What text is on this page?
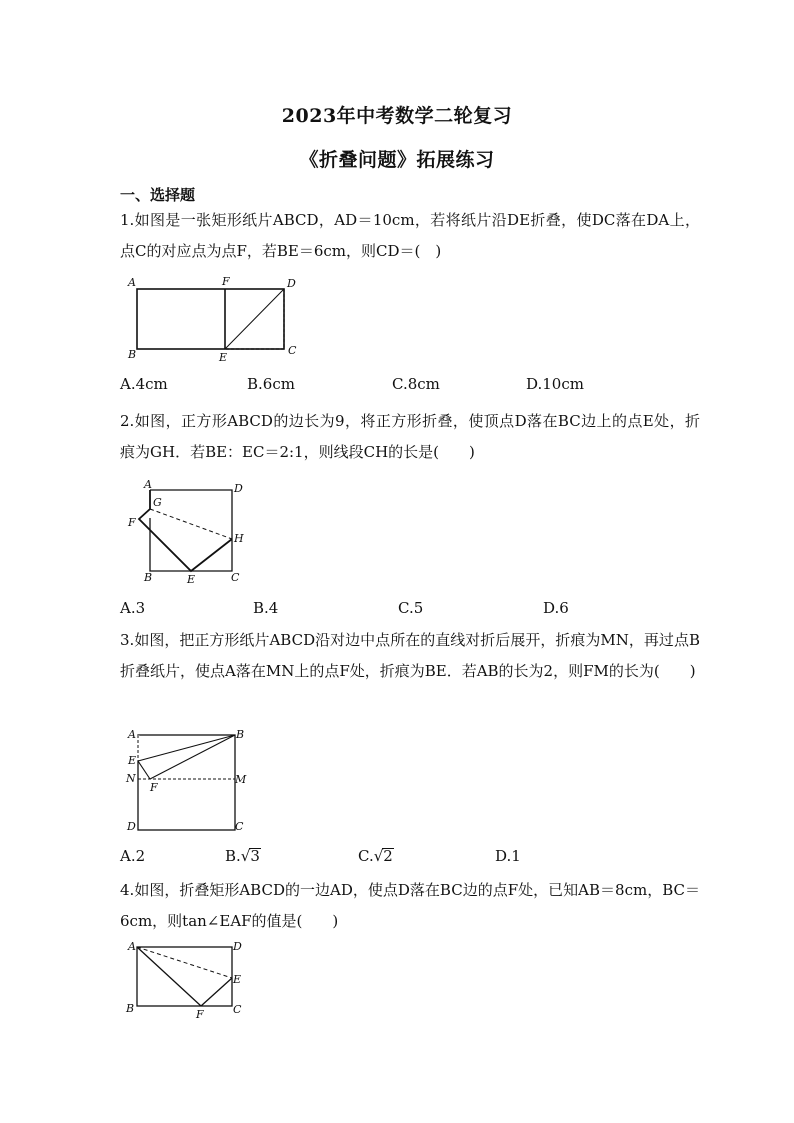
2023年中考数学二轮复习
《折叠问题》拓展练习
一、选择题
1.如图是一张矩形纸片ABCD，AD＝10cm，若将纸片沿DE折叠，使DC落在DA上，点C的对应点为点F，若BE＝6cm，则CD＝(　)
A	F	D
B	E
C
A.4cm	B.6cm	C.8cm	D.10cm
2.如图，正方形ABCD的边长为9，将正方形折叠，使顶点D落在BC边上的点E处，折痕为GH．若BE：EC＝2:1，则线段CH的长是(　　)
A	D
G
F
H
B	E	C
A.3	B.4	C.5	D.6
3.如图，把正方形纸片ABCD沿对边中点所在的直线对折后展开，折痕为MN，再过点B折叠纸片，使点A落在MN上的点F处，折痕为BE．若AB的长为2，则FM的长为(　　)
A	B
E
N
F
M
D	C
A.2	B.√3	C.√2	D.1
4.如图，折叠矩形ABCD的一边AD，使点D落在BC边的点F处，已知AB＝8cm，BC＝6cm，则tan∠EAF的值是(　　)
A	D
E
B	F	C
